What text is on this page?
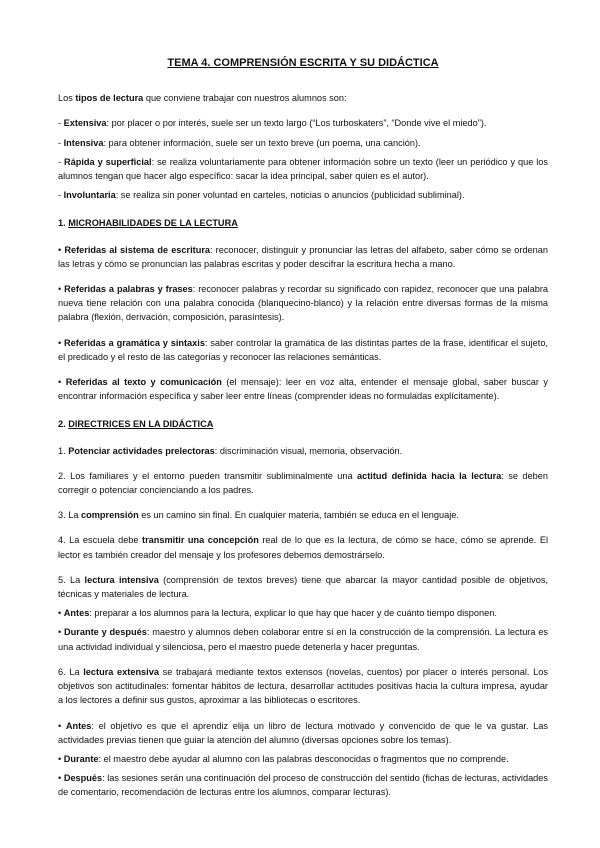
TEMA 4. COMPRENSIÓN ESCRITA Y SU DIDÁCTICA

Los tipos de lectura que conviene trabajar con nuestros alumnos son:

- Extensiva: por placer o por interés, suele ser un texto largo (“Los turboskaters”, “Donde vive el miedo”).

- Intensiva: para obtener información, suele ser un texto breve (un poema, una canción).

- Rápida y superficial: se realiza voluntariamente para obtener información sobre un texto (leer un periódico y que los alumnos tengan que hacer algo específico: sacar la idea principal, saber quien es el autor).

- Involuntaria: se realiza sin poner voluntad en carteles, noticias o anuncios (publicidad subliminal).

1. MICROHABILIDADES DE LA LECTURA

• Referidas al sistema de escritura: reconocer, distinguir y pronunciar las letras del alfabeto, saber cómo se ordenan las letras y cómo se pronuncian las palabras escritas y poder descifrar la escritura hecha a mano.

• Referidas a palabras y frases: reconocer palabras y recordar su significado con rapidez, reconocer que una palabra nueva tiene relación con una palabra conocida (blanquecino-blanco) y la relación entre diversas formas de la misma palabra (flexión, derivación, composición, parasíntesis).

• Referidas a gramática y sintaxis: saber controlar la gramática de las distintas partes de la frase, identificar el sujeto, el predicado y el resto de las categorías y reconocer las relaciones semánticas.

• Referidas al texto y comunicación (el mensaje): leer en voz alta, entender el mensaje global, saber buscar y encontrar información específica y saber leer entre líneas (comprender ideas no formuladas explícitamente).

2. DIRECTRICES EN LA DIDÁCTICA

1. Potenciar actividades prelectoras: discriminación visual, memoria, observación.

2. Los familiares y el entorno pueden transmitir subliminalmente una actitud definida hacia la lectura: se deben corregir o potenciar concienciando a los padres.

3. La comprensión es un camino sin final. En cualquier materia, también se educa en el lenguaje.

4. La escuela debe transmitir una concepción real de lo que es la lectura, de cómo se hace, cómo se aprende. El lector es también creador del mensaje y los profesores debemos demostrárselo.

5. La lectura intensiva (comprensión de textos breves) tiene que abarcar la mayor cantidad posible de objetivos, técnicas y materiales de lectura.

• Antes: preparar a los alumnos para la lectura, explicar lo que hay que hacer y de cuánto tiempo disponen.

• Durante y después: maestro y alumnos deben colaborar entre sí en la construcción de la comprensión. La lectura es una actividad individual y silenciosa, pero el maestro puede detenerla y hacer preguntas.

6. La lectura extensiva se trabajará mediante textos extensos (novelas, cuentos) por placer o interés personal. Los objetivos son actitudinales: fomentar hábitos de lectura, desarrollar actitudes positivas hacia la cultura impresa, ayudar a los lectores a definir sus gustos, aproximar a las bibliotecas o escritores.

• Antes: el objetivo es que el aprendiz elija un libro de lectura motivado y convencido de que le va gustar. Las actividades previas tienen que guiar la atención del alumno (diversas opciones sobre los temas).

• Durante: el maestro debe ayudar al alumno con las palabras desconocidas o fragmentos que no comprende.

• Después: las sesiones serán una continuación del proceso de construcción del sentido (fichas de lecturas, actividades de comentario, recomendación de lecturas entre los alumnos, comparar lecturas).
